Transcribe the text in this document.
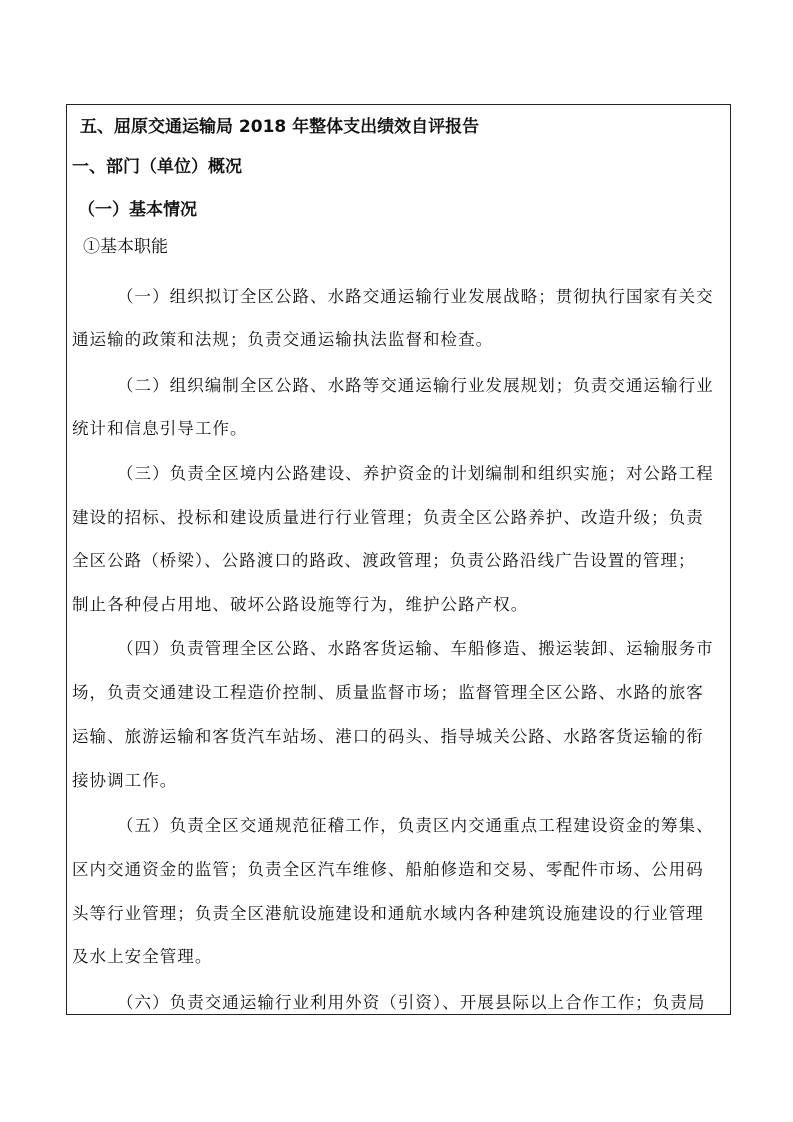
五、屈原交通运输局 2018 年整体支出绩效自评报告
一、部门（单位）概况
（一）基本情况
①基本职能
（一）组织拟订全区公路、水路交通运输行业发展战略；贯彻执行国家有关交
通运输的政策和法规；负责交通运输执法监督和检查。
（二）组织编制全区公路、水路等交通运输行业发展规划；负责交通运输行业
统计和信息引导工作。
（三）负责全区境内公路建设、养护资金的计划编制和组织实施；对公路工程
建设的招标、投标和建设质量进行行业管理；负责全区公路养护、改造升级；负责
全区公路（桥梁）、公路渡口的路政、渡政管理；负责公路沿线广告设置的管理；
制止各种侵占用地、破坏公路设施等行为，维护公路产权。
（四）负责管理全区公路、水路客货运输、车船修造、搬运装卸、运输服务市
场，负责交通建设工程造价控制、质量监督市场；监督管理全区公路、水路的旅客
运输、旅游运输和客货汽车站场、港口的码头、指导城关公路、水路客货运输的衔
接协调工作。
（五）负责全区交通规范征稽工作，负责区内交通重点工程建设资金的筹集、
区内交通资金的监管；负责全区汽车维修、船舶修造和交易、零配件市场、公用码
头等行业管理；负责全区港航设施建设和通航水域内各种建筑设施建设的行业管理
及水上安全管理。
（六）负责交通运输行业利用外资（引资）、开展县际以上合作工作；负责局
